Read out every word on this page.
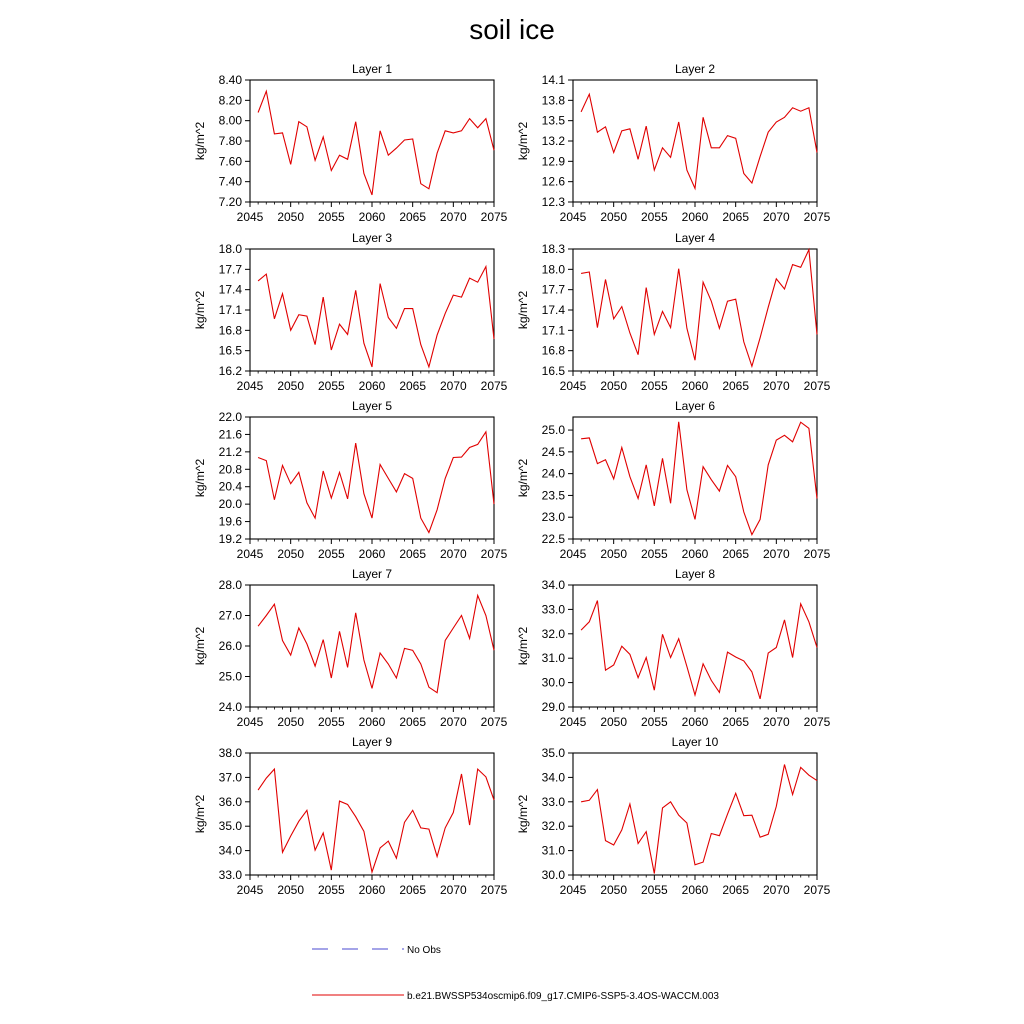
soil ice
Layer 1
2045 2050 2055 2060 2065 2070 2075
7.20
7.40
7.60
7.80
8.00
8.20
8.40
kg/m^2
Layer 2
2045 2050 2055 2060 2065 2070 2075
12.3
12.6
12.9
13.2
13.5
13.8
14.1
kg/m^2
Layer 3
2045 2050 2055 2060 2065 2070 2075
16.2
16.5
16.8
17.1
17.4
17.7
18.0
kg/m^2
Layer 4
2045 2050 2055 2060 2065 2070 2075
16.5
16.8
17.1
17.4
17.7
18.0
18.3
kg/m^2
Layer 5
2045 2050 2055 2060 2065 2070 2075
19.2
19.6
20.0
20.4
20.8
21.2
21.6
22.0
kg/m^2
Layer 6
2045 2050 2055 2060 2065 2070 2075
22.5
23.0
23.5
24.0
24.5
25.0
kg/m^2
Layer 7
2045 2050 2055 2060 2065 2070 2075
24.0
25.0
26.0
27.0
28.0
kg/m^2
Layer 8
2045 2050 2055 2060 2065 2070 2075
29.0
30.0
31.0
32.0
33.0
34.0
kg/m^2
Layer 9
2045 2050 2055 2060 2065 2070 2075
33.0
34.0
35.0
36.0
37.0
38.0
kg/m^2
Layer 10
2045 2050 2055 2060 2065 2070 2075
30.0
31.0
32.0
33.0
34.0
35.0
kg/m^2
No Obs
b.e21.BWSSP534oscmip6.f09_g17.CMIP6-SSP5-3.4OS-WACCM.003
